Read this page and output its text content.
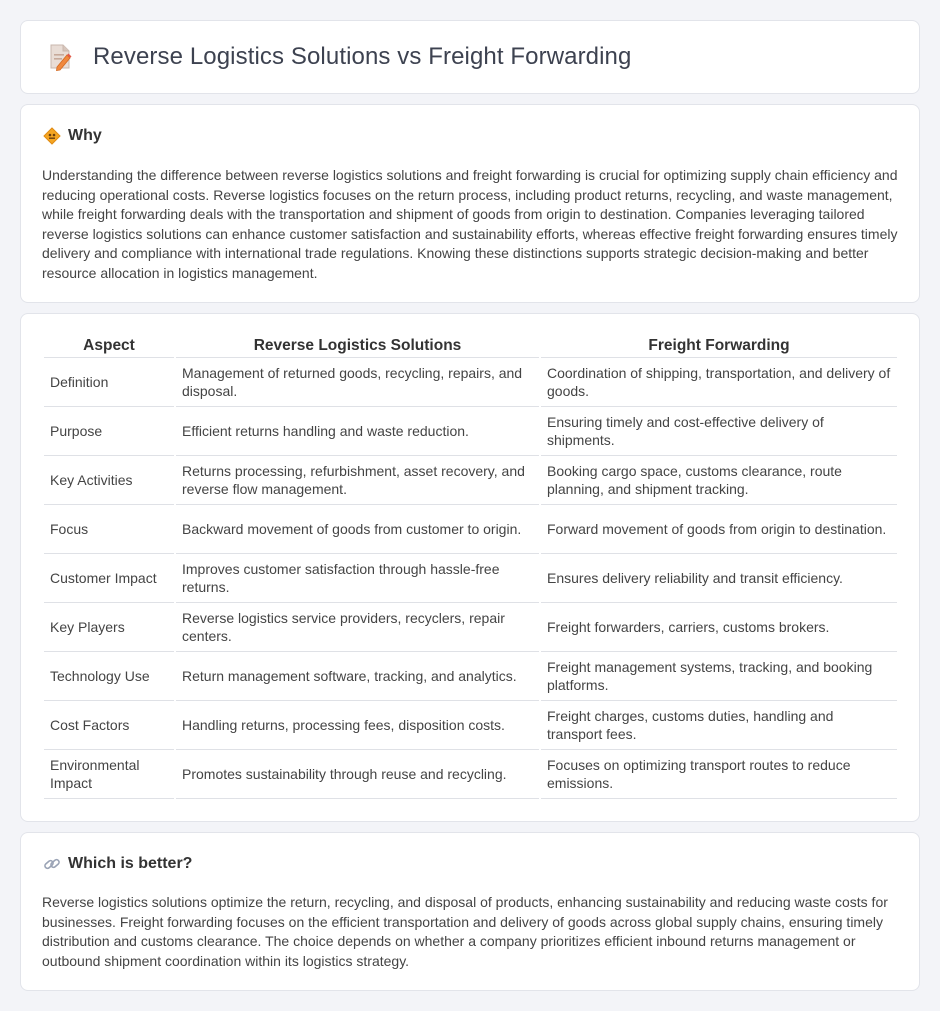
Reverse Logistics Solutions vs Freight Forwarding
Why

Understanding the difference between reverse logistics solutions and freight forwarding is crucial for optimizing supply chain efficiency and reducing operational costs. Reverse logistics focuses on the return process, including product returns, recycling, and waste management, while freight forwarding deals with the transportation and shipment of goods from origin to destination. Companies leveraging tailored reverse logistics solutions can enhance customer satisfaction and sustainability efforts, whereas effective freight forwarding ensures timely delivery and compliance with international trade regulations. Knowing these distinctions supports strategic decision-making and better resource allocation in logistics management.

Aspect	Reverse Logistics Solutions	Freight Forwarding
Definition	Management of returned goods, recycling, repairs, and disposal.	Coordination of shipping, transportation, and delivery of goods.
Purpose	Efficient returns handling and waste reduction.	Ensuring timely and cost-effective delivery of shipments.
Key Activities	Returns processing, refurbishment, asset recovery, and reverse flow management.	Booking cargo space, customs clearance, route planning, and shipment tracking.
Focus	Backward movement of goods from customer to origin.	Forward movement of goods from origin to destination.
Customer Impact	Improves customer satisfaction through hassle-free returns.	Ensures delivery reliability and transit efficiency.
Key Players	Reverse logistics service providers, recyclers, repair centers.	Freight forwarders, carriers, customs brokers.
Technology Use	Return management software, tracking, and analytics.	Freight management systems, tracking, and booking platforms.
Cost Factors	Handling returns, processing fees, disposition costs.	Freight charges, customs duties, handling and transport fees.
Environmental Impact	Promotes sustainability through reuse and recycling.	Focuses on optimizing transport routes to reduce emissions.
Which is better?

Reverse logistics solutions optimize the return, recycling, and disposal of products, enhancing sustainability and reducing waste costs for businesses. Freight forwarding focuses on the efficient transportation and delivery of goods across global supply chains, ensuring timely distribution and customs clearance. The choice depends on whether a company prioritizes efficient inbound returns management or outbound shipment coordination within its logistics strategy.
